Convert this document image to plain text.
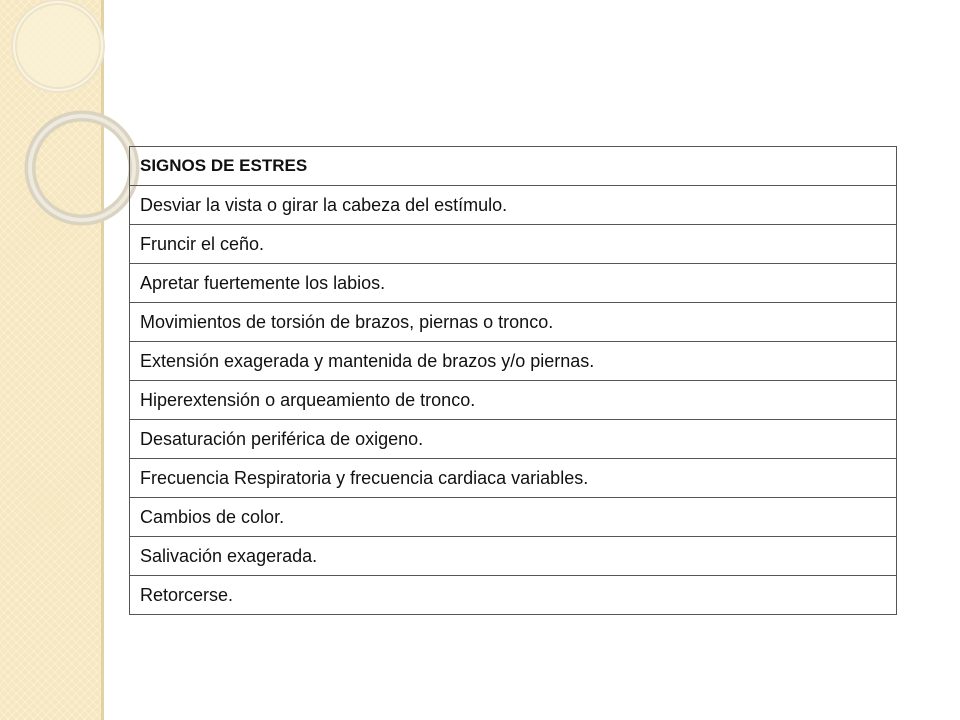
SIGNOS DE ESTRES
Desviar la vista o girar la cabeza del estímulo.
Fruncir el ceño.
Apretar fuertemente los labios.
Movimientos de torsión de brazos, piernas o tronco.
Extensión exagerada y mantenida de brazos y/o piernas.
Hiperextensión o arqueamiento de tronco.
Desaturación periférica de oxigeno.
Frecuencia Respiratoria y frecuencia cardiaca variables.
Cambios de color.
Salivación exagerada.
Retorcerse.
